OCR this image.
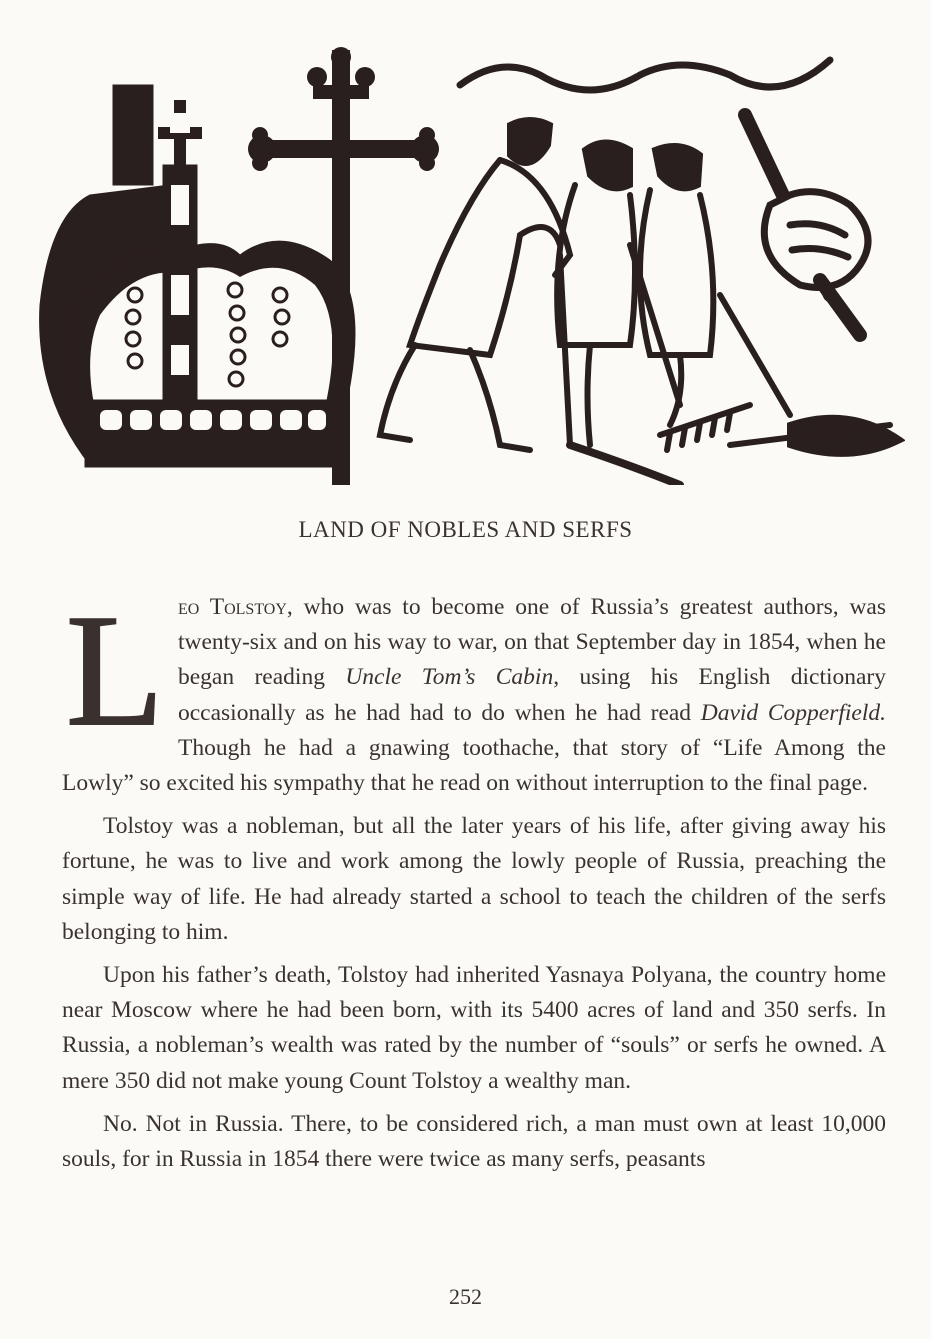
LAND OF NOBLES AND SERFS
L eo Tolstoy, who was to become one of Russia’s greatest authors, was twenty-six and on his way to war, on that September day in 1854, when he began reading Uncle Tom’s Cabin, using his English dictionary occasionally as he had had to do when he had read David Copperfield. Though he had a gnawing toothache, that story of “Life Among the Lowly” so excited his sympathy that he read on without interruption to the final page.

Tolstoy was a nobleman, but all the later years of his life, after giving away his fortune, he was to live and work among the lowly people of Russia, preaching the simple way of life. He had already started a school to teach the children of the serfs belonging to him.

Upon his father’s death, Tolstoy had inherited Yasnaya Polyana, the country home near Moscow where he had been born, with its 5400 acres of land and 350 serfs. In Russia, a nobleman’s wealth was rated by the number of “souls” or serfs he owned. A mere 350 did not make young Count Tolstoy a wealthy man.

No. Not in Russia. There, to be considered rich, a man must own at least 10,000 souls, for in Russia in 1854 there were twice as many serfs, peasants

252
